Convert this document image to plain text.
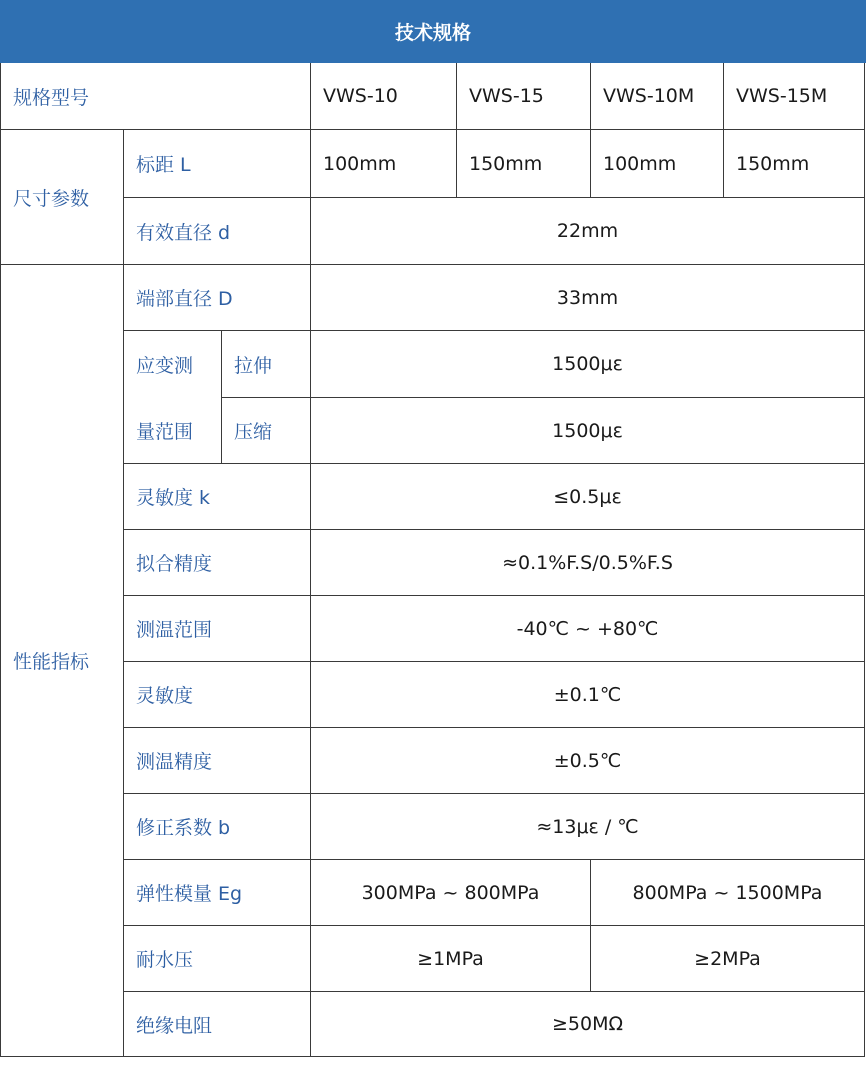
技术规格
规格型号	VWS-10	VWS-15	VWS-10M	VWS-15M
尺寸参数
标距 L	100mm	150mm	100mm	150mm
有效直径 d	22mm
性能指标
端部直径 D	33mm
应变测
量范围
拉伸	1500με
压缩	1500με
灵敏度 k	≤0.5με
拟合精度	≈0.1%F.S/0.5%F.S
测温范围	-40℃ ~ +80℃
灵敏度	±0.1℃
测温精度	±0.5℃
修正系数 b	≈13με / ℃
弹性模量 Eg	300MPa ~ 800MPa	800MPa ~ 1500MPa
耐水压	≥1MPa	≥2MPa
绝缘电阻	≥50MΩ
